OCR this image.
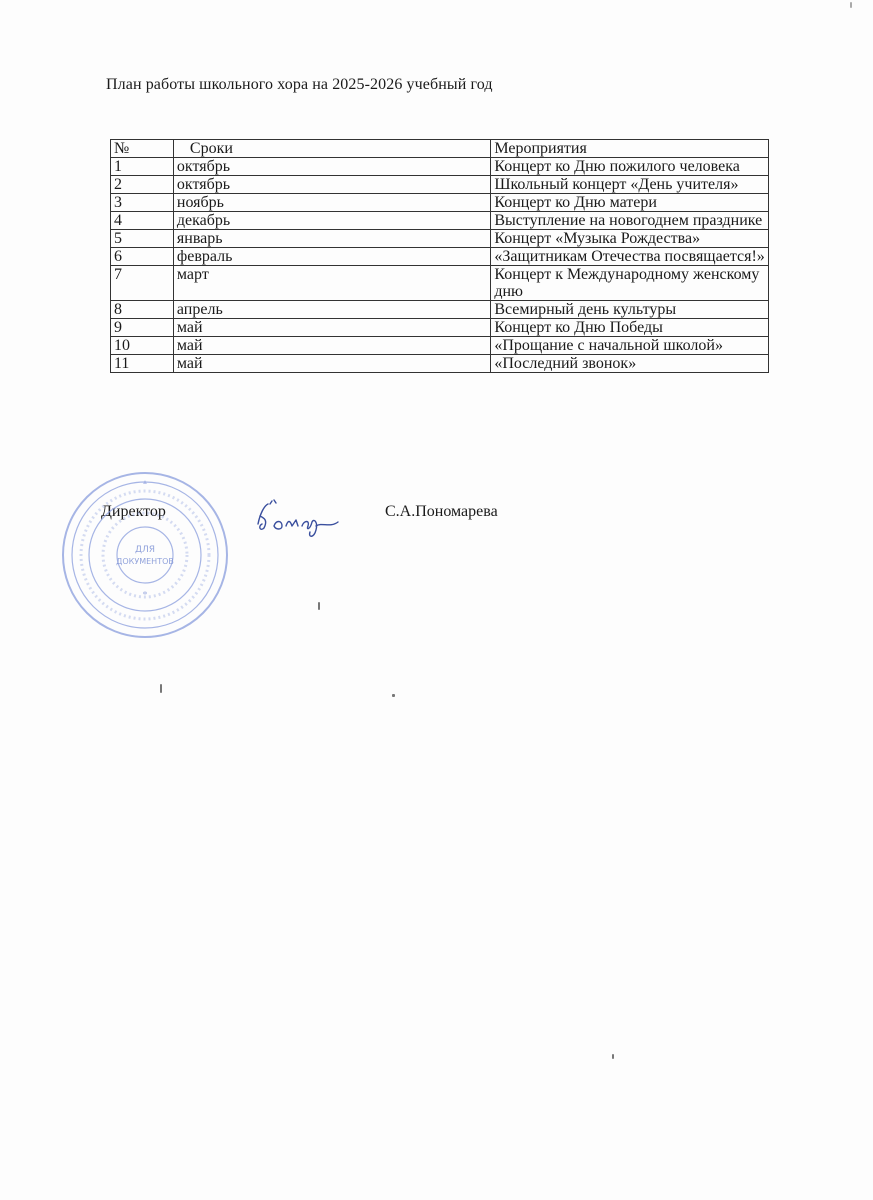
План работы школьного хора на 2025-2026 учебный год
№	Сроки	Мероприятия
1	октябрь	Концерт ко Дню пожилого человека
2	октябрь	Школьный концерт «День учителя»
3	ноябрь	Концерт ко Дню матери
4	декабрь	Выступление на новогоднем празднике
5	январь	Концерт «Музыка Рождества»
6	февраль	«Защитникам Отечества посвящается!»
7	март	Концерт к Международному женскому дню
8	апрель	Всемирный день культуры
9	май	Концерт ко Дню Победы
10	май	«Прощание с начальной школой»
11	май	«Последний звонок»
Директор	С.А.Пономарева
ДЛЯ
ДОКУМЕНТОВ
*
